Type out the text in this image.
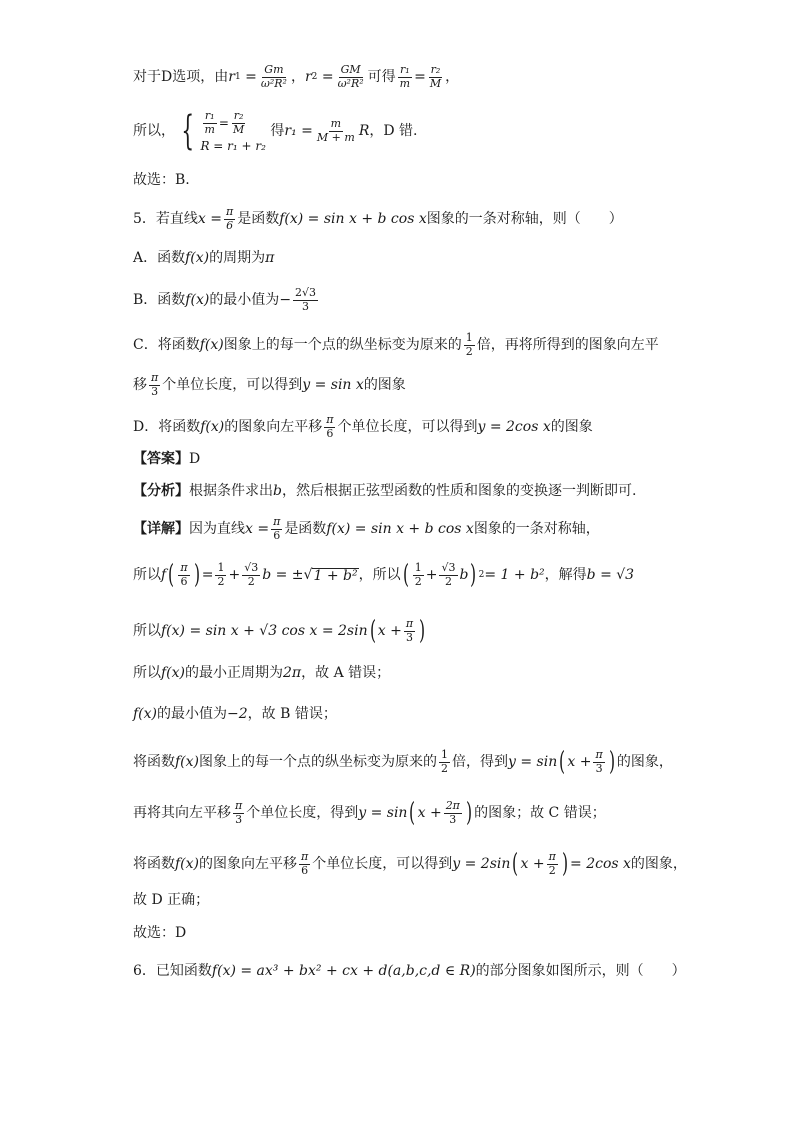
对于D选项，由 r $1 = \frac{Gm}{\text{ω²R²}}$ ， r $2 = \frac{GM}{\text{ω²R²}}$ 可得 $\frac{\text{r₁}}{m} = \frac{\text{r₂}}{M}$ ，
所以， { $\frac{\text{r₁}}{m} = \frac{\text{r₂}}{M}$
R = r₁ + r₂

得 $r_1 = \frac{m}{M + m}$ R ，D 错.
故选：B.
5．若直线 $x = \frac{\pi}{6}$ 是函数 f(x) = sin x + b cos x 图象的一条对称轴，则（　　）
A．函数 f(x) 的周期为 π
B．函数 f(x) 的最小值为 − $\frac{2√3}{3}$
C．将函数 f(x) 图象上的每一个点的纵坐标变为原来的 $\frac{1}{2}$ 倍，再将所得到的图象向左平
移 $\frac{\pi}{3}$ 个单位长度，可以得到 y = sin x 的图象
D．将函数 f(x) 的图象向左平移 $\frac{\pi}{6}$ 个单位长度，可以得到 y = 2cos x 的图象
【答案】 D
【分析】 根据条件求出 b ，然后根据正弦型函数的性质和图象的变换逐一判断即可.
【详解】 因为直线 $x = \frac{\pi}{6}$ 是函数 f(x) = sin x + b cos x 图象的一条对称轴，
所以 f ( $\frac{\pi}{6}$ ) = $\frac{1}{2} + \frac{√3}{2}$ b = ± √ 1 + b² ，所以 ( $\frac{1}{2} + \frac{√3}{2}$ b ) 2 = 1 + b² ，解得 b = √3
所以 f(x) = sin x + √3 cos x = 2sin ( $x + \frac{\pi}{3}$ )
所以 f(x) 的最小正周期为 2π ，故 A 错误；
f(x) 的最小值为 −2 ，故 B 错误；
将函数 f(x) 图象上的每一个点的纵坐标变为原来的 $\frac{1}{2}$ 倍，得到 y = sin ( $x + \frac{\pi}{3}$ ) 的图象，
再将其向左平移 $\frac{\pi}{3}$ 个单位长度，得到 y = sin ( $x + \frac{2\pi}{3}$ ) 的图象；故 C 错误；
将函数 f(x) 的图象向左平移 $\frac{\pi}{6}$ 个单位长度，可以得到 y = 2sin ( $x + \frac{\pi}{2}$ ) = 2cos x 的图象，
故 D 正确；
故选：D
6．已知函数 f(x) = ax³ + bx² + cx + d (a,b,c,d ∈ R) 的部分图象如图所示，则（　　）
